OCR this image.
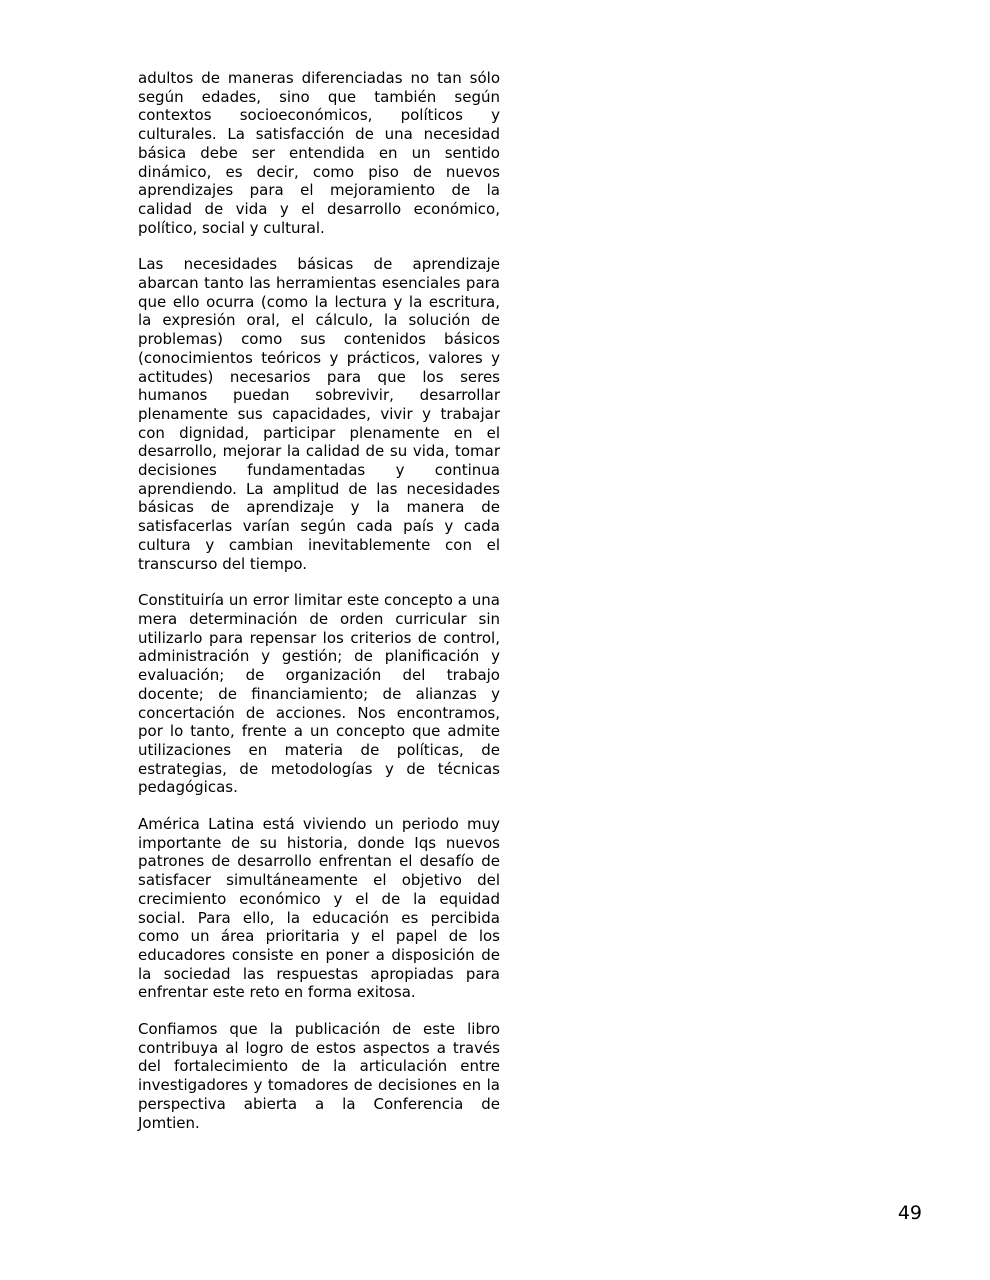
adultos de maneras diferenciadas no tan sólo según edades, sino que también según contextos socioeconómicos, políticos y culturales. La satisfacción de una necesidad básica debe ser entendida en un sentido dinámico, es decir, como piso de nuevos aprendizajes para el mejoramiento de la calidad de vida y el desarrollo económico, político, social y cultural.

Las necesidades básicas de aprendizaje abarcan tanto las herramientas esenciales para que ello ocurra (como la lectura y la escritura, la expresión oral, el cálculo, la solución de problemas) como sus contenidos básicos (conocimientos teóricos y prácticos, valores y actitudes) necesarios para que los seres humanos puedan sobrevivir, desarrollar plenamente sus capacidades, vivir y trabajar con dignidad, participar plenamente en el desarrollo, mejorar la calidad de su vida, tomar decisiones fundamentadas y continua aprendiendo. La amplitud de las necesidades básicas de aprendizaje y la manera de satisfacerlas varían según cada país y cada cultura y cambian inevitablemente con el transcurso del tiempo.

Constituiría un error limitar este concepto a una mera determinación de orden curricular sin utilizarlo para repensar los criterios de control, administración y gestión; de planificación y evaluación; de organización del trabajo docente; de financiamiento; de alianzas y concertación de acciones. Nos encontramos, por lo tanto, frente a un concepto que admite utilizaciones en materia de políticas, de estrategias, de metodologías y de técnicas pedagógicas.

América Latina está viviendo un periodo muy importante de su historia, donde Iqs nuevos patrones de desarrollo enfrentan el desafío de satisfacer simultáneamente el objetivo del crecimiento económico y el de la equidad social. Para ello, la educación es percibida como un área prioritaria y el papel de los educadores consiste en poner a disposición de la sociedad las respuestas apropiadas para enfrentar este reto en forma exitosa.

Confiamos que la publicación de este libro contribuya al logro de estos aspectos a través del fortalecimiento de la articulación entre investigadores y tomadores de decisiones en la perspectiva abierta a la Conferencia de Jomtien.

49
